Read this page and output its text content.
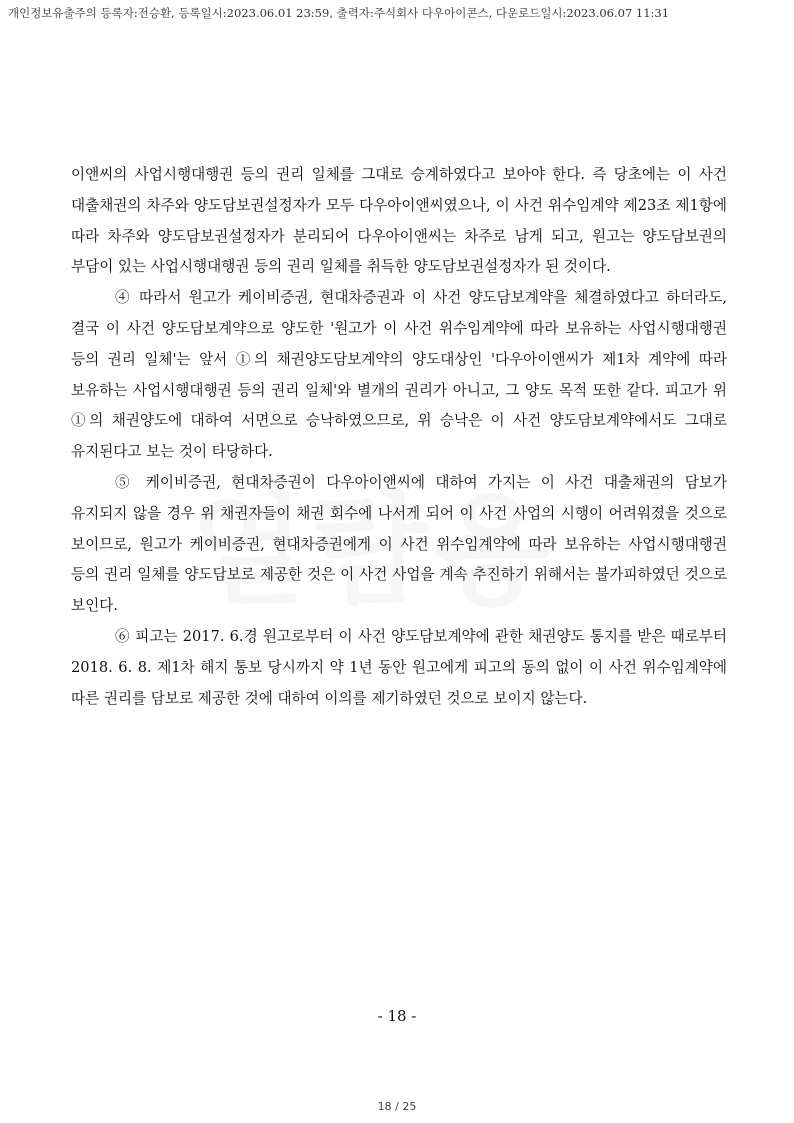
개인정보유출주의 등록자:전승환, 등록일시:2023.06.01 23:59, 출력자:주식회사 다우아이콘스, 다운로드일시:2023.06.07 11:31

이앤씨의 사업시행대행권 등의 권리 일체를 그대로 승계하였다고 보아야 한다. 즉 당초에는 이 사건 대출채권의 차주와 양도담보권설정자가 모두 다우아이앤씨였으나, 이 사건 위수임계약 제23조 제1항에 따라 차주와 양도담보권설정자가 분리되어 다우아이앤씨는 차주로 남게 되고, 원고는 양도담보권의 부담이 있는 사업시행대행권 등의 권리 일체를 취득한 양도담보권설정자가 된 것이다.

④ 따라서 원고가 케이비증권, 현대차증권과 이 사건 양도담보계약을 체결하였다고 하더라도, 결국 이 사건 양도담보계약으로 양도한 '원고가 이 사건 위수임계약에 따라 보유하는 사업시행대행권 등의 권리 일체'는 앞서 ①의 채권양도담보계약의 양도대상인 '다우아이앤씨가 제1차 계약에 따라 보유하는 사업시행대행권 등의 권리 일체'와 별개의 권리가 아니고, 그 양도 목적 또한 같다. 피고가 위 ①의 채권양도에 대하여 서면으로 승낙하였으므로, 위 승낙은 이 사건 양도담보계약에서도 그대로 유지된다고 보는 것이 타당하다.

⑤ 케이비증권, 현대차증권이 다우아이앤씨에 대하여 가지는 이 사건 대출채권의 담보가 유지되지 않을 경우 위 채권자들이 채권 회수에 나서게 되어 이 사건 사업의 시행이 어려워졌을 것으로 보이므로, 원고가 케이비증권, 현대차증권에게 이 사건 위수임계약에 따라 보유하는 사업시행대행권 등의 권리 일체를 양도담보로 제공한 것은 이 사건 사업을 계속 추진하기 위해서는 불가피하였던 것으로 보인다.

⑥ 피고는 2017. 6.경 원고로부터 이 사건 양도담보계약에 관한 채권양도 통지를 받은 때로부터 2018. 6. 8. 제1차 해지 통보 당시까지 약 1년 동안 원고에게 피고의 동의 없이 이 사건 위수임계약에 따른 권리를 담보로 제공한 것에 대하여 이의를 제기하였던 것으로 보이지 않는다.

- 18 -
18 / 25
